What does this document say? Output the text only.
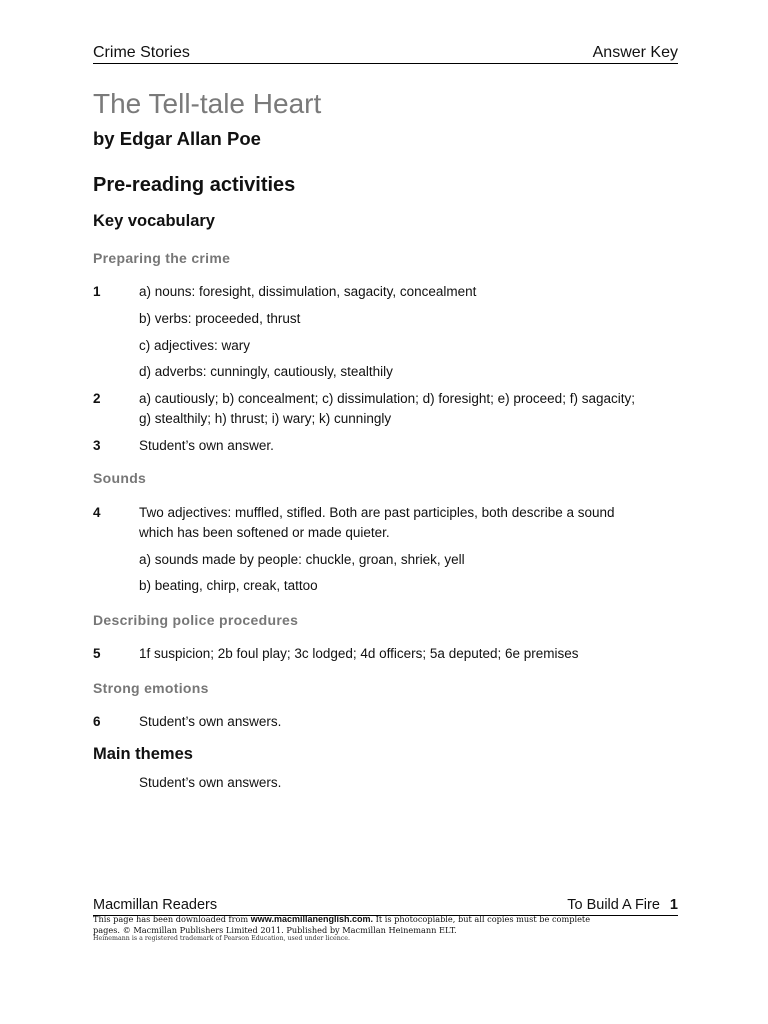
Crime Stories	Answer Key
The Tell-tale Heart
by Edgar Allan Poe
Pre-reading activities
Key vocabulary
Preparing the crime
1	a) nouns: foresight, dissimulation, sagacity, concealment
b) verbs: proceeded, thrust
c) adjectives: wary
d) adverbs: cunningly, cautiously, stealthily
2	a) cautiously; b) concealment; c) dissimulation; d) foresight; e) proceed; f) sagacity;
g) stealthily; h) thrust; i) wary; k) cunningly
3	Student’s own answer.
Sounds
4	Two adjectives: muffled, stifled. Both are past participles, both describe a sound
which has been softened or made quieter.
a) sounds made by people: chuckle, groan, shriek, yell
b) beating, chirp, creak, tattoo
Describing police procedures
5	1f suspicion; 2b foul play; 3c lodged; 4d officers; 5a deputed; 6e premises
Strong emotions
6	Student’s own answers.
Main themes
Student’s own answers.
Macmillan Readers	To Build A Fire 1
This page has been downloaded from www.macmillanenglish.com. It is photocopiable, but all copies must be complete
pages. © Macmillan Publishers Limited 2011. Published by Macmillan Heinemann ELT.
Heinemann is a registered trademark of Pearson Education, used under licence.
